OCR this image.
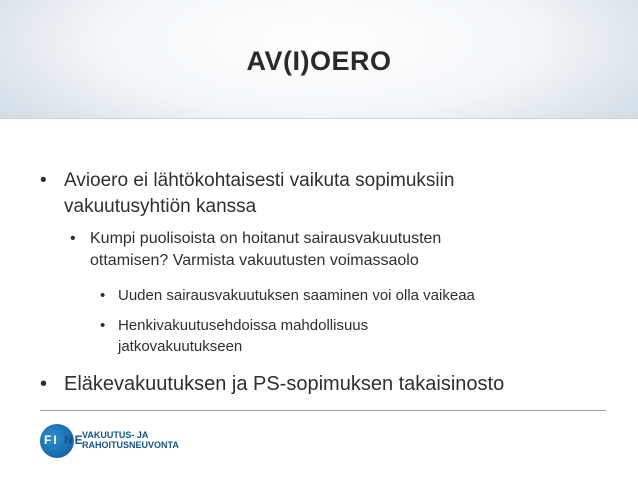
AV(I)OERO
• Avioero ei lähtökohtaisesti vaikuta sopimuksiin
vakuutusyhtiön kanssa
• Kumpi puolisoista on hoitanut sairausvakuutusten
ottamisen? Varmista vakuutusten voimassaolo
• Uuden sairausvakuutuksen saaminen voi olla vaikeaa
• Henkivakuutusehdoissa mahdollisuus
jatkovakuutukseen
• Eläkevakuutuksen ja PS-sopimuksen takaisinosto
FI NE
VAKUUTUS- JA
RAHOITUSNEUVONTA
